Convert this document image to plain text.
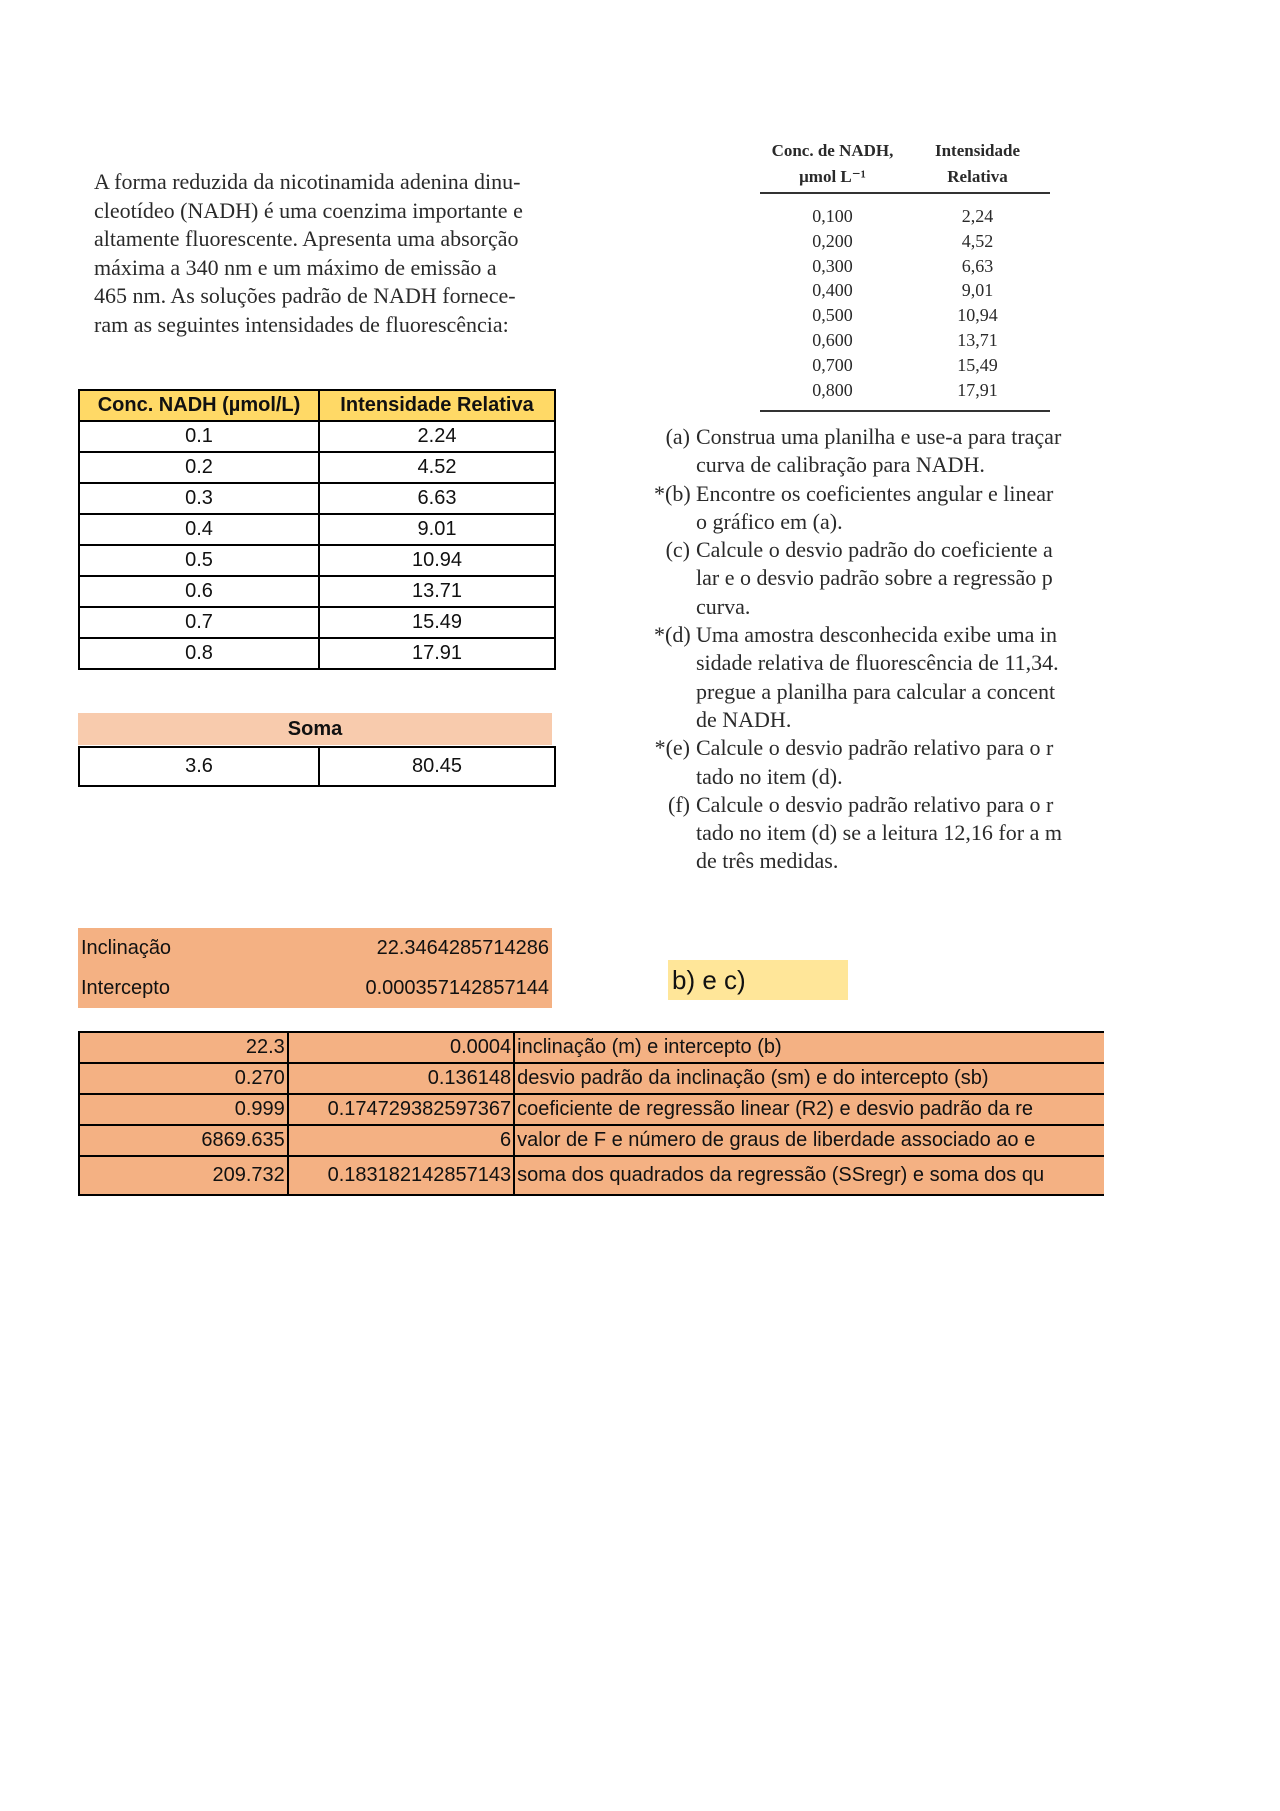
A forma reduzida da nicotinamida adenina dinu-
cleotídeo (NADH) é uma coenzima importante e
altamente fluorescente. Apresenta uma absorção
máxima a 340 nm e um máximo de emissão a
465 nm. As soluções padrão de NADH fornece-
ram as seguintes intensidades de fluorescência:
Conc. de NADH, μmol L⁻¹
Intensidade Relativa
0,100	2,24
0,200	4,52
0,300	6,63
0,400	9,01
0,500	10,94
0,600	13,71
0,700	15,49
0,800	17,91
(a) Construa uma planilha e use-a para traçar
curva de calibração para NADH.
*(b) Encontre os coeficientes angular e linear
o gráfico em (a).
(c) Calcule o desvio padrão do coeficiente a
lar e o desvio padrão sobre a regressão p
curva.
*(d) Uma amostra desconhecida exibe uma in
sidade relativa de fluorescência de 11,34.
pregue a planilha para calcular a concent
de NADH.
*(e) Calcule o desvio padrão relativo para o r
tado no item (d).
(f) Calcule o desvio padrão relativo para o r
tado no item (d) se a leitura 12,16 for a m
de três medidas.
Conc. NADH (µmol/L)	Intensidade Relativa
0.1	2.24
0.2	4.52
0.3	6.63
0.4	9.01
0.5	10.94
0.6	13.71
0.7	15.49
0.8	17.91
Soma
3.6	80.45
Inclinação	22.3464285714286
Intercepto	0.000357142857144	b) e c)
22.3	0.0004	inclinação (m) e intercepto (b)
0.270	0.136148	desvio padrão da inclinação (sm) e do intercepto (sb)
0.999	0.174729382597367	coeficiente de regressão linear (R2) e desvio padrão da re
6869.635	6	valor de F e número de graus de liberdade associado ao e
209.732	0.183182142857143	soma dos quadrados da regressão (SSregr) e soma dos qu
